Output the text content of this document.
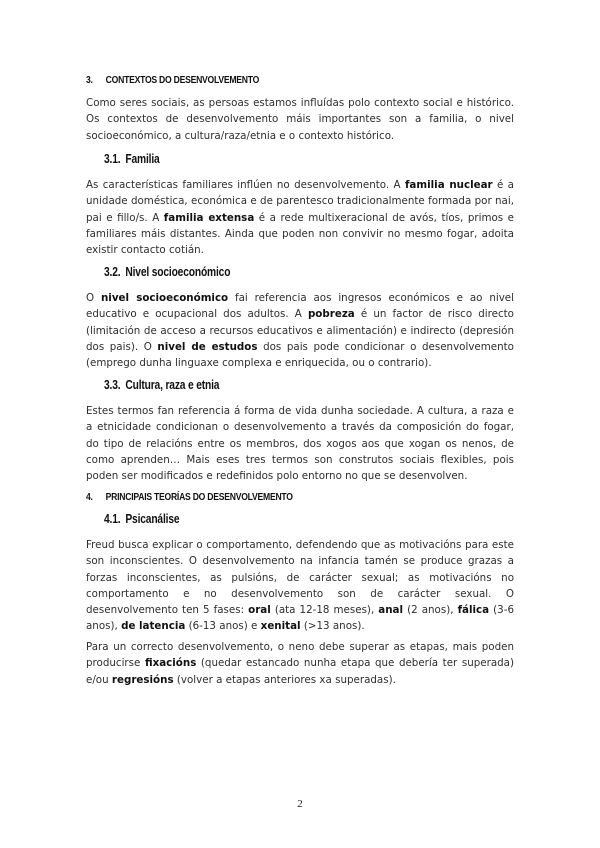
3. CONTEXTOS DO DESENVOLVEMENTO
Como seres sociais, as persoas estamos influídas polo contexto social e histórico. Os contextos de desenvolvemento máis importantes son a familia, o nivel socioeconómico, a cultura/raza/etnia e o contexto histórico.
3.1. Familia
As características familiares inflúen no desenvolvemento. A familia nuclear é a unidade doméstica, económica e de parentesco tradicionalmente formada por nai, pai e fillo/s. A familia extensa é a rede multixeracional de avós, tíos, primos e familiares máis distantes. Ainda que poden non convivir no mesmo fogar, adoita existir contacto cotián.
3.2. Nivel socioeconómico
O nivel socioeconómico fai referencia aos ingresos económicos e ao nivel educativo e ocupacional dos adultos. A pobreza é un factor de risco directo (limitación de acceso a recursos educativos e alimentación) e indirecto (depresión dos pais). O nivel de estudos dos pais pode condicionar o desenvolvemento (emprego dunha linguaxe complexa e enriquecida, ou o contrario).
3.3. Cultura, raza e etnia
Estes termos fan referencia á forma de vida dunha sociedade. A cultura, a raza e a etnicidade condicionan o desenvolvemento a través da composición do fogar, do tipo de relacións entre os membros, dos xogos aos que xogan os nenos, de como aprenden… Mais eses tres termos son construtos sociais flexibles, pois poden ser modificados e redefinidos polo entorno no que se desenvolven.
4. PRINCIPAIS TEORÍAS DO DESENVOLVEMENTO
4.1. Psicanálise
Freud busca explicar o comportamento, defendendo que as motivacións para este son inconscientes. O desenvolvemento na infancia tamén se produce grazas a forzas inconscientes, as pulsións, de carácter sexual; as motivacións no comportamento e no desenvolvemento son de carácter sexual. O desenvolvemento ten 5 fases: oral (ata 12-18 meses), anal (2 anos), fálica (3-6 anos), de latencia (6-13 anos) e xenital (>13 anos).
Para un correcto desenvolvemento, o neno debe superar as etapas, mais poden producirse fixacións (quedar estancado nunha etapa que debería ter superada) e/ou regresións (volver a etapas anteriores xa superadas).
2
